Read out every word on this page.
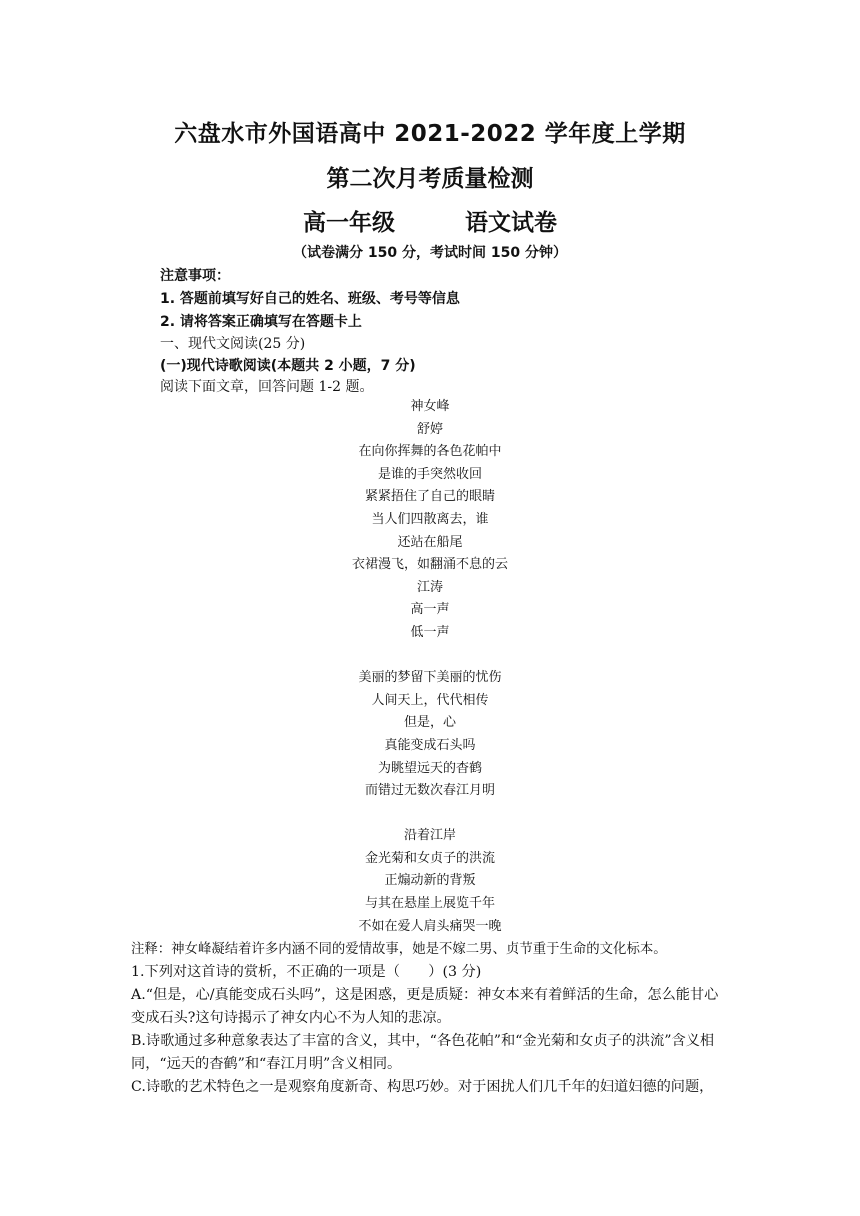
六盘水市外国语高中 2021-2022 学年度上学期
第二次月考质量检测
高一年级	语文试卷
（试卷满分 150 分，考试时间 150 分钟）
注意事项：
1. 答题前填写好自己的姓名、班级、考号等信息
2. 请将答案正确填写在答题卡上
一、现代文阅读(25 分)
(一)现代诗歌阅读(本题共 2 小题，7 分)
阅读下面文章，回答问题 1-2 题。
神女峰
舒婷
在向你挥舞的各色花帕中
是谁的手突然收回
紧紧捂住了自己的眼睛
当人们四散离去，谁
还站在船尾
衣裙漫飞，如翻涌不息的云
江涛
高一声
低一声
美丽的梦留下美丽的忧伤
人间天上，代代相传
但是，心
真能变成石头吗
为眺望远天的杳鹤
而错过无数次春江月明
沿着江岸
金光菊和女贞子的洪流
正煽动新的背叛
与其在悬崖上展览千年
不如在爱人肩头痛哭一晚
注释：神女峰凝结着许多内涵不同的爱情故事，她是不嫁二男、贞节重于生命的文化标本。
1.下列对这首诗的赏析，不正确的一项是（　　）(3 分)
A.“但是，心/真能变成石头吗”，这是困惑，更是质疑：神女本来有着鲜活的生命，怎么能甘心变成石头?这句诗揭示了神女内心不为人知的悲凉。
B.诗歌通过多种意象表达了丰富的含义，其中，“各色花帕”和“金光菊和女贞子的洪流”含义相同，“远天的杳鹤”和“春江月明”含义相同。
C.诗歌的艺术特色之一是观察角度新奇、构思巧妙。对于困扰人们几千年的妇道妇德的问题，
